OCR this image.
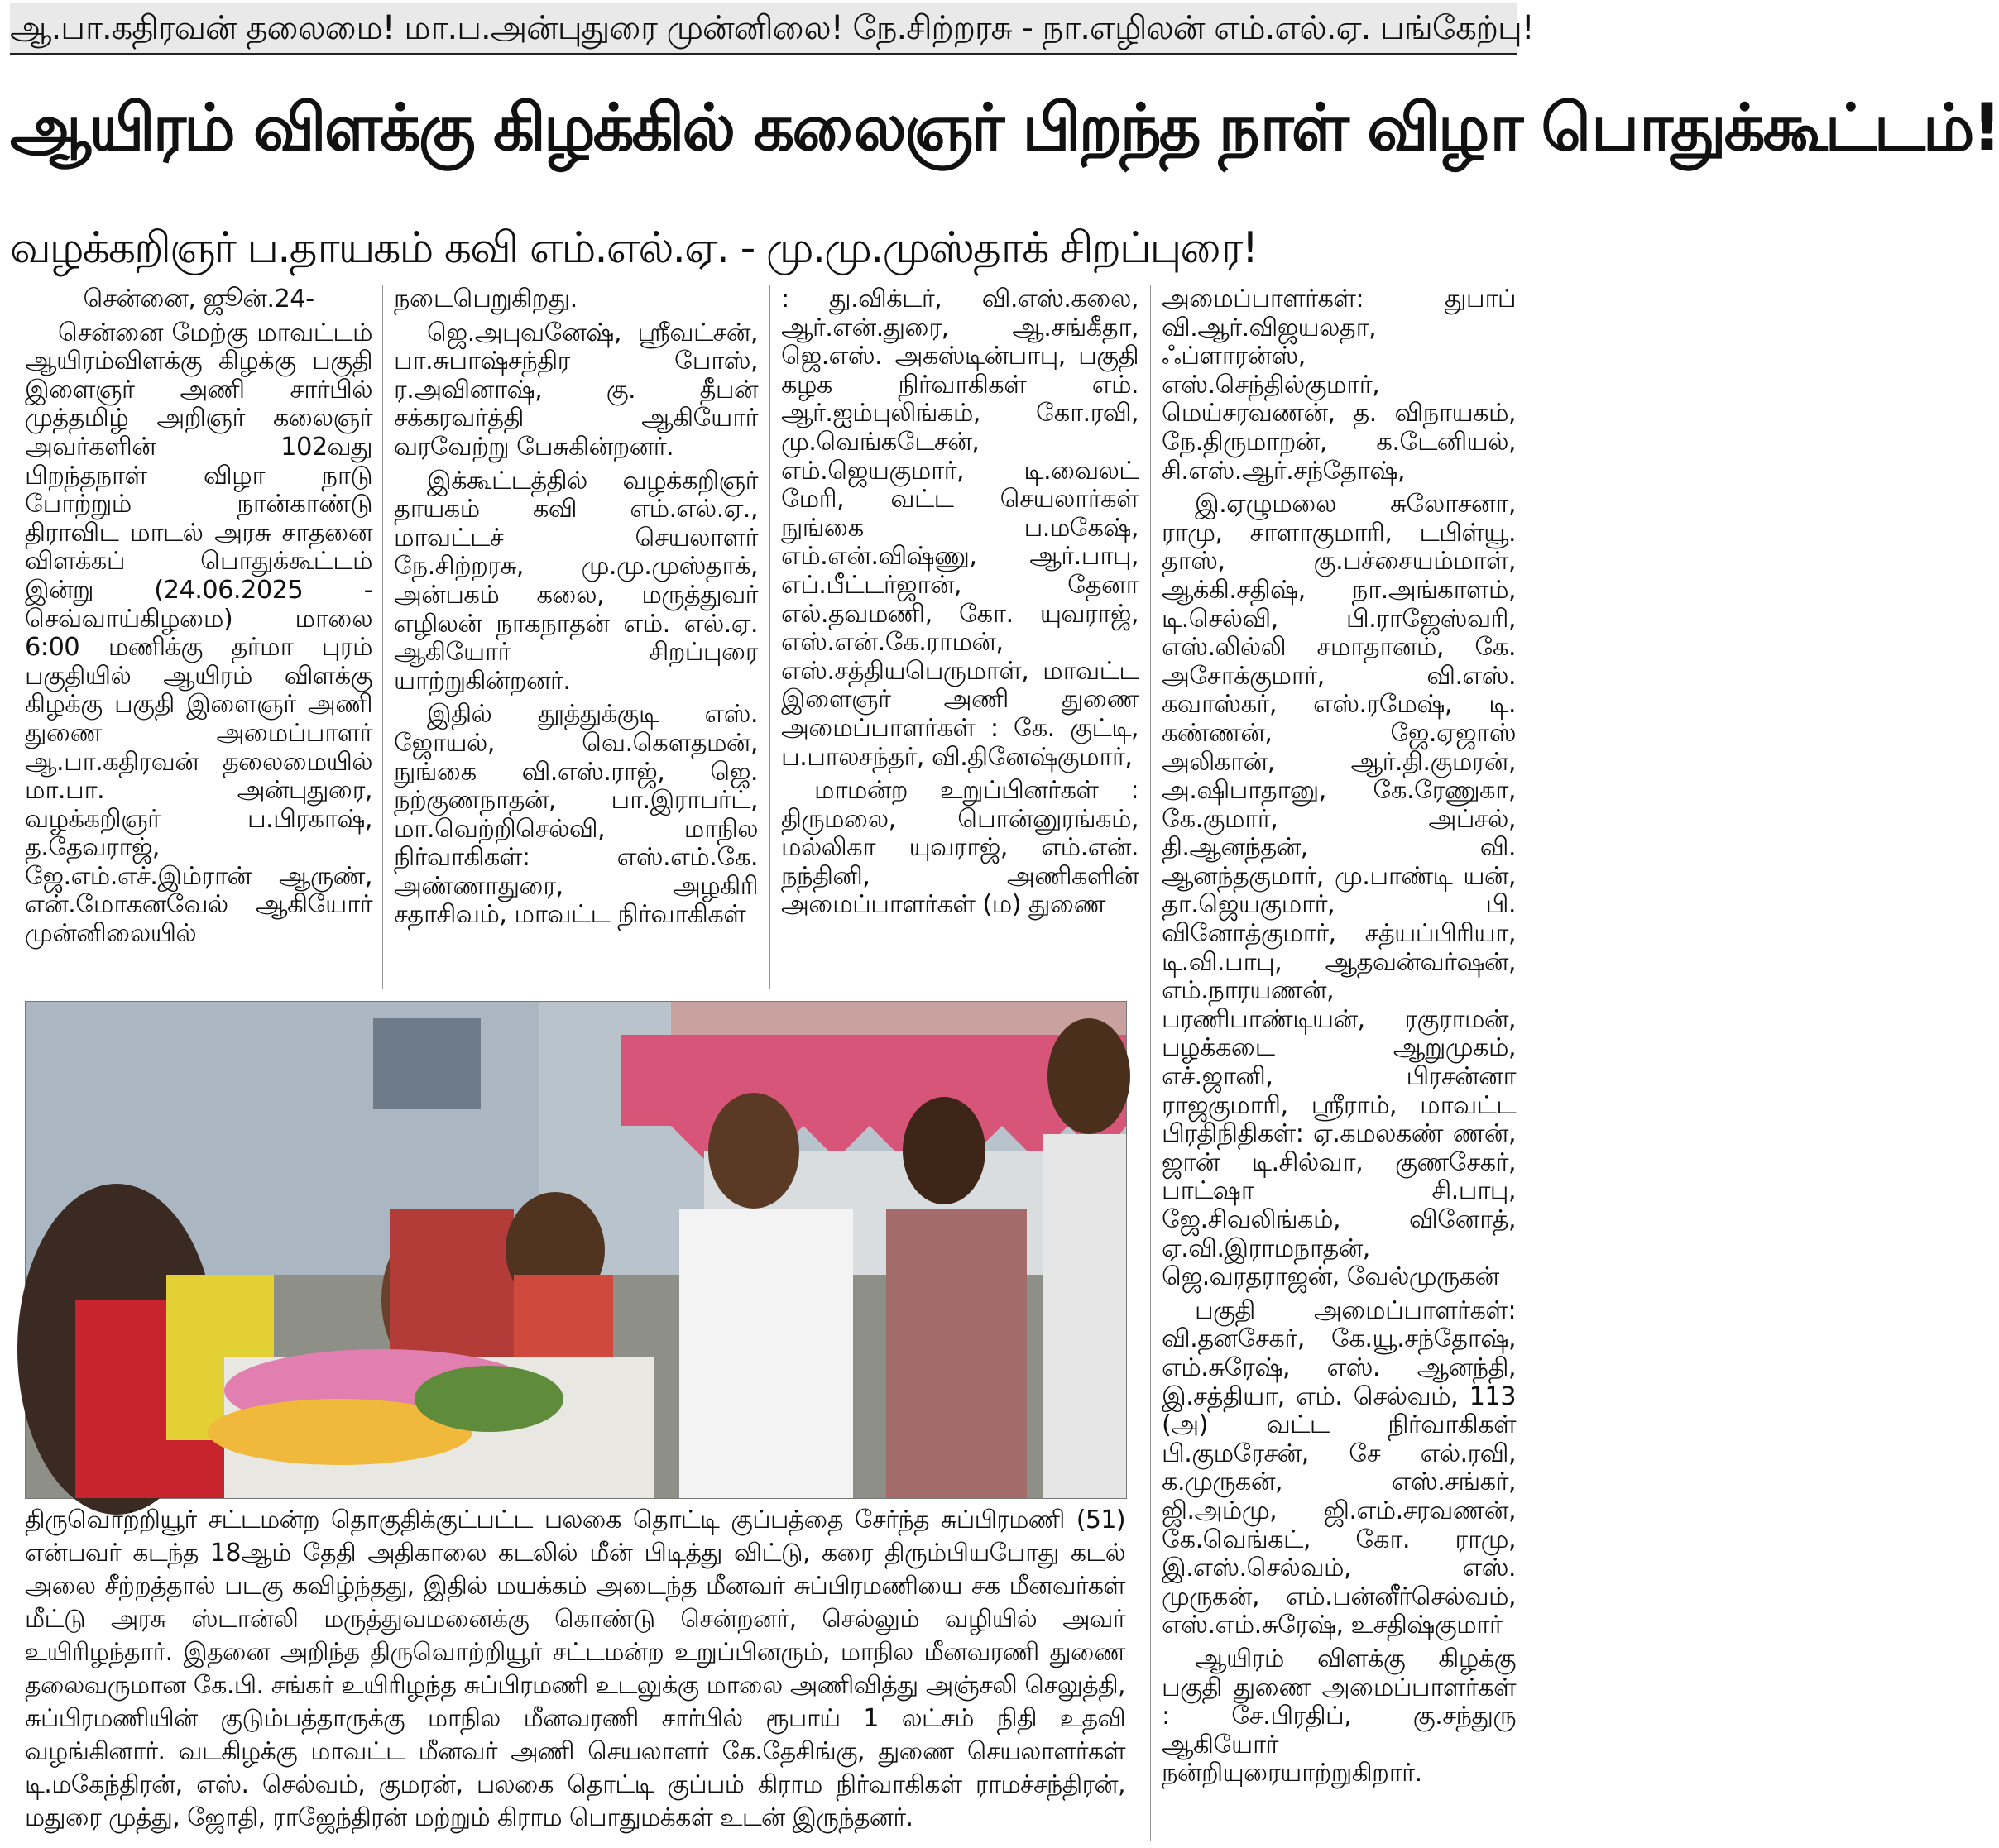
ஆ.பா.கதிரவன் தலைமை! மா.ப.அன்புதுரை முன்னிலை! நே.சிற்றரசு - நா.எழிலன் எம்.எல்.ஏ. பங்கேற்பு!
ஆயிரம் விளக்கு கிழக்கில் கலைஞர் பிறந்த நாள் விழா பொதுக்கூட்டம்!
வழக்கறிஞர் ப.தாயகம் கவி எம்.எல்.ஏ. - மு.மு.முஸ்தாக் சிறப்புரை!

சென்னை, ஜூன்.24-

சென்னை மேற்கு மாவட்டம் ஆயிரம்விளக்கு கிழக்கு பகுதி இளைஞர் அணி சார்பில் முத்தமிழ் அறிஞர் கலைஞர் அவர்களின் 102வது பிறந்தநாள் விழா நாடு போற்றும் நான்காண்டு திராவிட மாடல் அரசு சாதனை விளக்கப் பொதுக்கூட்டம் இன்று (24.06.2025 - செவ்வாய்கிழமை) மாலை 6:00 மணிக்கு தர்மா புரம் பகுதியில் ஆயிரம் விளக்கு கிழக்கு பகுதி இளைஞர் அணி துணை அமைப்பாளர் ஆ.பா.கதிரவன் தலைமையில் மா.பா. அன்புதுரை, வழக்கறிஞர் ப.பிரகாஷ், த.தேவராஜ், ஜே.எம்.எச்.இம்ரான் ஆருண், என்.மோகனவேல் ஆகியோர் முன்னிலையில்

நடைபெறுகிறது.

ஜெ.அபுவனேஷ், ஸ்ரீவட்சன், பா.சுபாஷ்சந்திர போஸ், ர.அவினாஷ், கு. தீபன் சக்கரவர்த்தி ஆகியோர் வரவேற்று பேசுகின்றனர்.

இக்கூட்டத்தில் வழக்கறிஞர் தாயகம் கவி எம்.எல்.ஏ., மாவட்டச் செயலாளர் நே.சிற்றரசு, மு.மு.முஸ்தாக், அன்பகம் கலை, மருத்துவர் எழிலன் நாகநாதன் எம். எல்.ஏ. ஆகியோர் சிறப்புரை யாற்றுகின்றனர்.

இதில் தூத்துக்குடி எஸ். ஜோயல், வெ.கௌதமன், நுங்கை வி.எஸ்.ராஜ், ஜெ. நற்குணநாதன், பா.இராபர்ட், மா.வெற்றிசெல்வி, மாநில நிர்வாகிகள்: எஸ்.எம்.கே. அண்ணாதுரை, அழகிரி சதாசிவம், மாவட்ட நிர்வாகிகள்

: து.விக்டர், வி.எஸ்.கலை, ஆர்.என்.துரை, ஆ.சங்கீதா, ஜெ.எஸ். அகஸ்டின்பாபு, பகுதி கழக நிர்வாகிகள் எம். ஆர்.ஐம்புலிங்கம், கோ.ரவி, மு.வெங்கடேசன், எம்.ஜெயகுமார், டி.வைலட் மேரி, வட்ட செயலார்கள் நுங்கை ப.மகேஷ், எம்.என்.விஷ்ணு, ஆர்.பாபு, எப்.பீட்டர்ஜான், தேனா எல்.தவமணி, கோ. யுவராஜ், எஸ்.என்.கே.ராமன், எஸ்.சத்தியபெருமாள், மாவட்ட இளைஞர் அணி துணை அமைப்பாளர்கள் : கே. குட்டி, ப.பாலசந்தர், வி.தினேஷ்குமார்,

மாமன்ற உறுப்பினர்கள் : திருமலை, பொன்னுரங்கம், மல்லிகா யுவராஜ், எம்.என். நந்தினி, அணிகளின் அமைப்பாளர்கள் (ம) துணை

அமைப்பாளர்கள்: துபாப் வி.ஆர்.விஜயலதா, ஃப்ளாரன்ஸ், எஸ்.செந்தில்குமார், மெய்சரவணன், த. விநாயகம், நே.திருமாறன், க.டேனியல், சி.எஸ்.ஆர்.சந்தோஷ்,

இ.ஏழுமலை சுலோசனா, ராமு, சாளாகுமாரி, டபிள்யூ. தாஸ், கு.பச்சையம்மாள், ஆக்கி.சதிஷ், நா.அங்காளம், டி.செல்வி, பி.ராஜேஸ்வரி, எஸ்.லில்லி சமாதானம், கே. அசோக்குமார், வி.எஸ். கவாஸ்கர், எஸ்.ரமேஷ், டி. கண்ணன், ஜே.ஏஜாஸ் அலிகான், ஆர்.தி.குமரன், அ.ஷிபாதானு, கே.ரேணுகா, கே.குமார், அப்சல், தி.ஆனந்தன், வி. ஆனந்தகுமார், மு.பாண்டி யன், தா.ஜெயகுமார், பி. வினோத்குமார், சத்யப்பிரியா, டி.வி.பாபு, ஆதவன்வர்ஷன், எம்.நாரயணன், பரணிபாண்டியன், ரகுராமன், பழக்கடை ஆறுமுகம், எச்.ஜானி, பிரசன்னா ராஜகுமாரி, ஸ்ரீராம், மாவட்ட பிரதிநிதிகள்: ஏ.கமலகண் ணன், ஜான் டி.சில்வா, குணசேகர், பாட்ஷா சி.பாபு, ஜே.சிவலிங்கம், வினோத், ஏ.வி.இராமநாதன், ஜெ.வரதராஜன், வேல்முருகன்

பகுதி அமைப்பாளர்கள்: வி.தனசேகர், கே.யூ.சந்தோஷ், எம்.சுரேஷ், எஸ். ஆனந்தி, இ.சத்தியா, எம். செல்வம், 113 (அ) வட்ட நிர்வாகிகள் பி.குமரேசன், சே எல்.ரவி, க.முருகன், எஸ்.சங்கர், ஜி.அம்மு, ஜி.எம்.சரவணன், கே.வெங்கட், கோ. ராமு, இ.எஸ்.செல்வம், எஸ். முருகன், எம்.பன்னீர்செல்வம், எஸ்.எம்.சுரேஷ், உசதிஷ்குமார்

ஆயிரம் விளக்கு கிழக்கு பகுதி துணை அமைப்பாளர்கள் : சே.பிரதிப், கு.சந்துரு ஆகியோர் நன்றியுரையாற்றுகிறார்.

திருவொற்றியூர் சட்டமன்ற தொகுதிக்குட்பட்ட பலகை தொட்டி குப்பத்தை சேர்ந்த சுப்பிரமணி (51) என்பவர் கடந்த 18ஆம் தேதி அதிகாலை கடலில் மீன் பிடித்து விட்டு, கரை திரும்பியபோது கடல் அலை சீற்றத்தால் படகு கவிழ்ந்தது, இதில் மயக்கம் அடைந்த மீனவர் சுப்பிரமணியை சக மீனவர்கள் மீட்டு அரசு ஸ்டான்லி மருத்துவமனைக்கு கொண்டு சென்றனர், செல்லும் வழியில் அவர் உயிரிழந்தார். இதனை அறிந்த திருவொற்றியூர் சட்டமன்ற உறுப்பினரும், மாநில மீனவரணி துணை தலைவருமான கே.பி. சங்கர் உயிரிழந்த சுப்பிரமணி உடலுக்கு மாலை அணிவித்து அஞ்சலி செலுத்தி, சுப்பிரமணியின் குடும்பத்தாருக்கு மாநில மீனவரணி சார்பில் ரூபாய் 1 லட்சம் நிதி உதவி வழங்கினார். வடகிழக்கு மாவட்ட மீனவர் அணி செயலாளர் கே.தேசிங்கு, துணை செயலாளர்கள் டி.மகேந்திரன், எஸ். செல்வம், குமரன், பலகை தொட்டி குப்பம் கிராம நிர்வாகிகள் ராமச்சந்திரன், மதுரை முத்து, ஜோதி, ராஜேந்திரன் மற்றும் கிராம பொதுமக்கள் உடன் இருந்தனர்.
